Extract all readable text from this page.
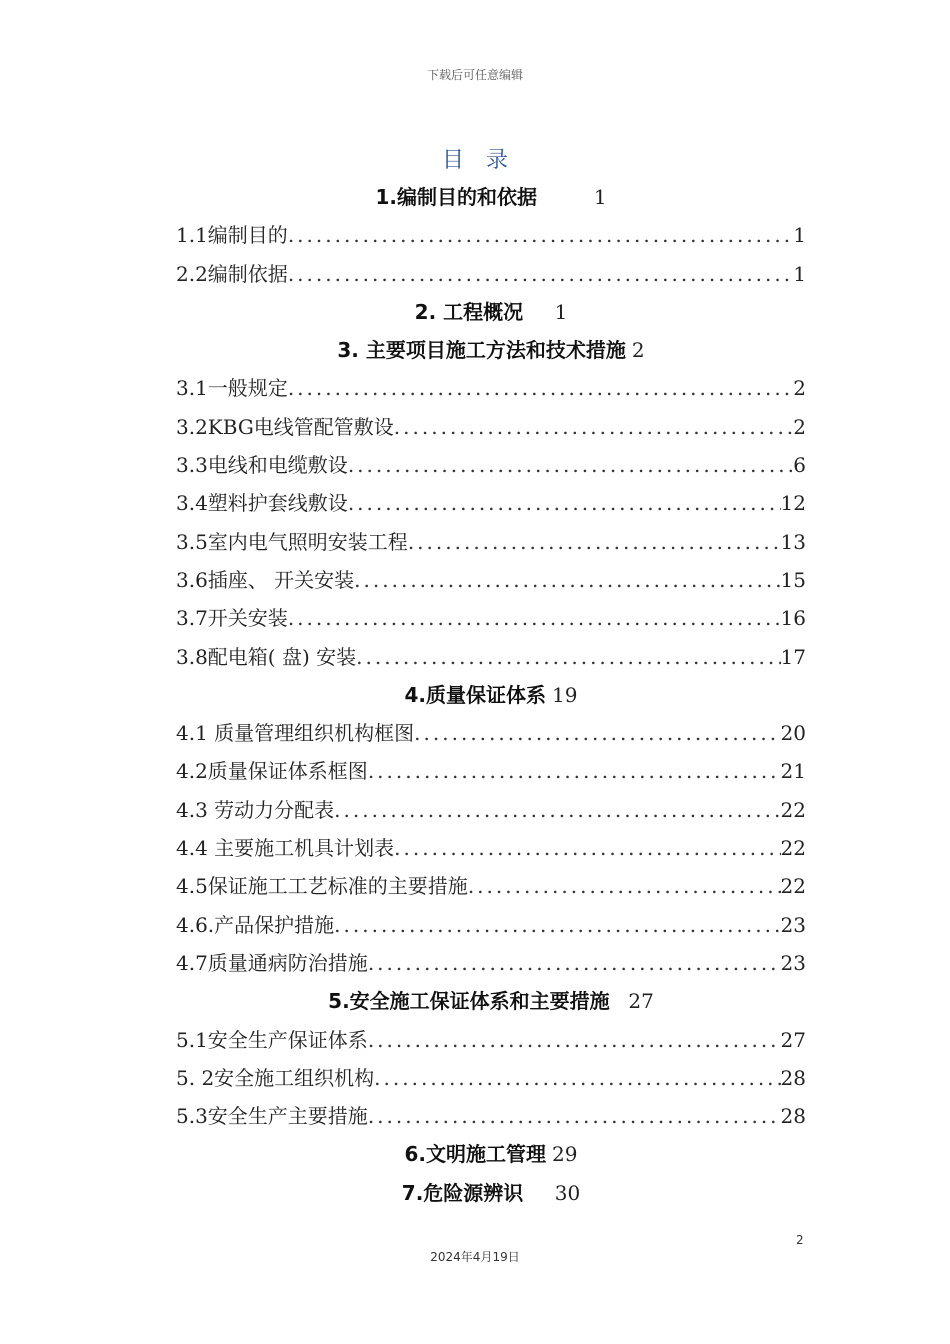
下载后可任意编辑
目录
1.编制目的和依据	1
1.1编制目的 .....	1
2.2编制依据 .....	1
2. 工程概况 1
3. 主要项目施工方法和技术措施 2
3.1一般规定 .....	2
3.2KBG电线管配管敷设 .....	2
3.3电线和电缆敷设 .....	6
3.4塑料护套线敷设 .....	12
3.5室内电气照明安装工程 .....	13
3.6插座、 开关安装 .....	15
3.7开关安装 .....	16
3.8配电箱( 盘) 安装 .....	17
4.质量保证体系 19
4.1 质量管理组织机构框图 .....	20
4.2质量保证体系框图 .....	21
4.3 劳动力分配表 .....	22
4.4 主要施工机具计划表 .....	22
4.5保证施工工艺标准的主要措施 .....	22
4.6.产品保护措施 .....	23
4.7质量通病防治措施 .....	23
5.安全施工保证体系和主要措施 27
5.1安全生产保证体系 .....	27
5. 2安全施工组织机构 .....	28
5.3安全生产主要措施 .....	28
6.文明施工管理 29
7.危险源辨识 30
2
2024年4月19日
